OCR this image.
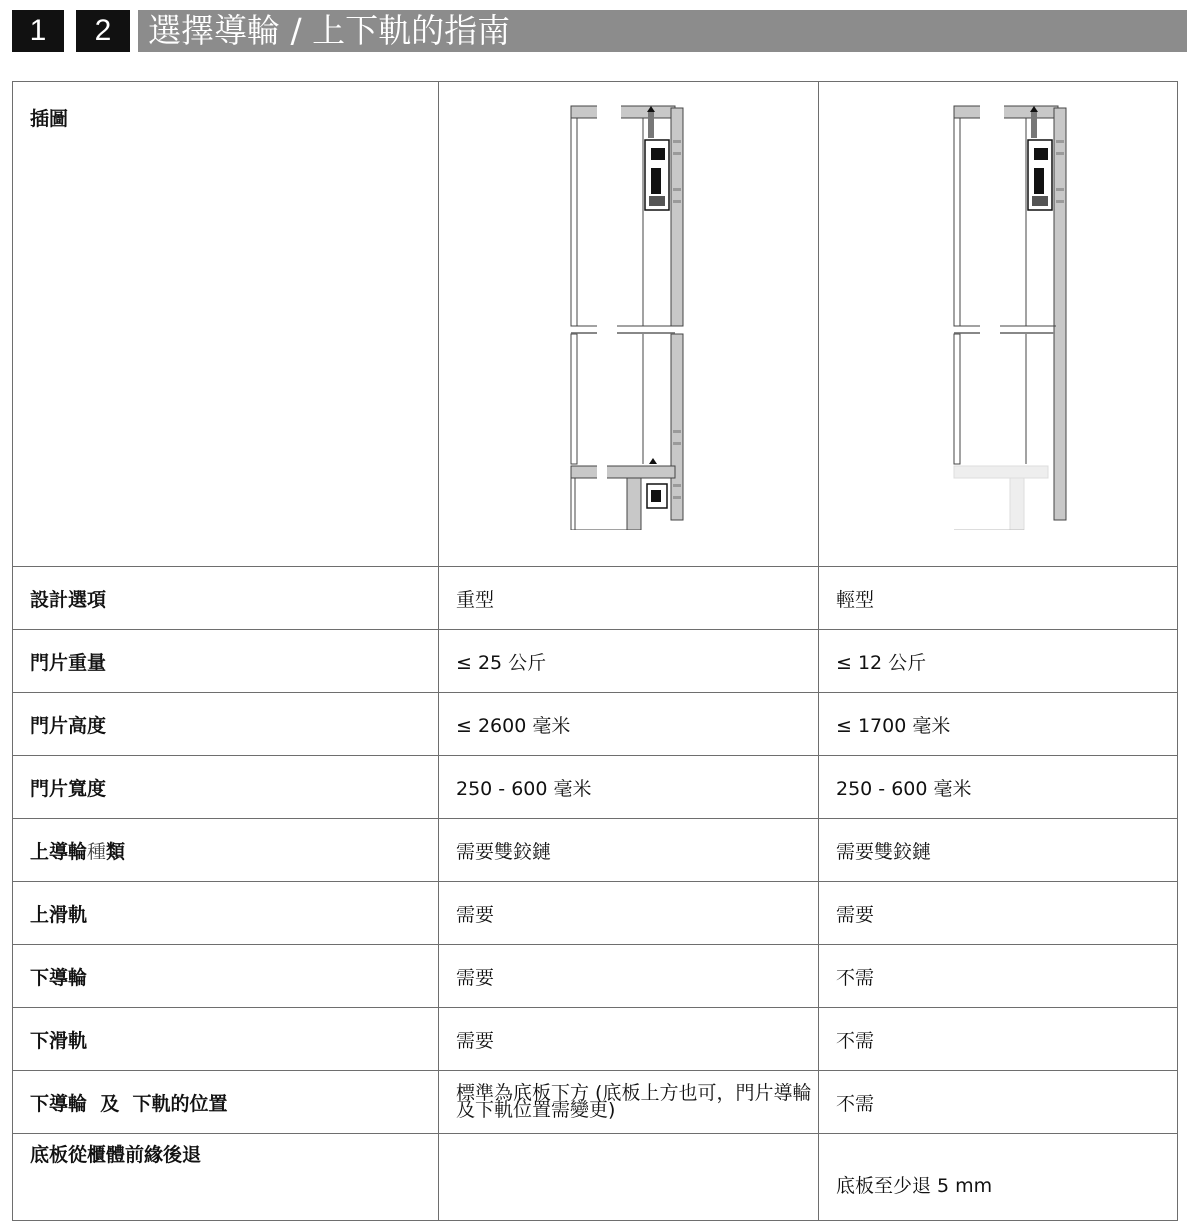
1	2	選擇導輪 / 上下軌的指南
插圖	

設計選項	重型	輕型
門片重量	≤ 25 公斤	≤ 12 公斤
門片高度	≤ 2600 毫米	≤ 1700 毫米
門片寬度	250 - 600 毫米	250 - 600 毫米
上導輪種類	需要雙鉸鏈	需要雙鉸鏈
上滑軌	需要	需要
下導輪	需要	不需
下滑軌	需要	不需
下導輪  及  下軌的位置	標準為底板下方 (底板上方也可，門片導輪及下軌位置需變更)	不需
底板從櫃體前緣後退		底板至少退 5 mm
